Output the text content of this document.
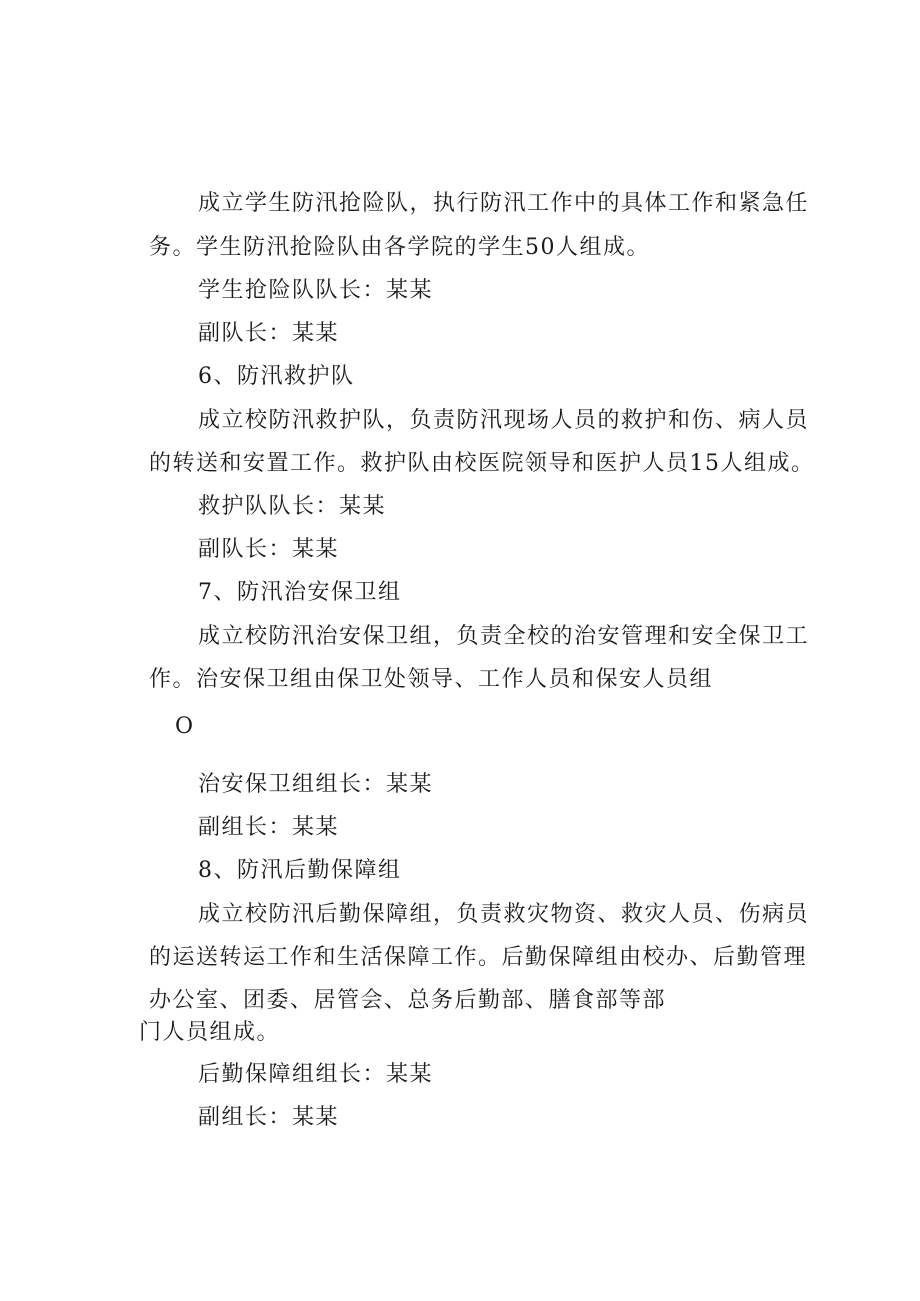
成立学生防汛抢险队，执行防汛工作中的具体工作和紧急任

务。学生防汛抢险队由各学院的学生50人组成。

学生抢险队队长：某某

副队长：某某

6、防汛救护队

成立校防汛救护队，负责防汛现场人员的救护和伤、病人员

的转送和安置工作。救护队由校医院领导和医护人员15人组成。

救护队队长：某某

副队长：某某

7、防汛治安保卫组

成立校防汛治安保卫组，负责全校的治安管理和安全保卫工

作。治安保卫组由保卫处领导、工作人员和保安人员组

O

治安保卫组组长：某某

副组长：某某

8、防汛后勤保障组

成立校防汛后勤保障组，负责救灾物资、救灾人员、伤病员

的运送转运工作和生活保障工作。后勤保障组由校办、后勤管理

办公室、团委、居管会、总务后勤部、膳食部等部

门人员组成。

后勤保障组组长：某某

副组长：某某
